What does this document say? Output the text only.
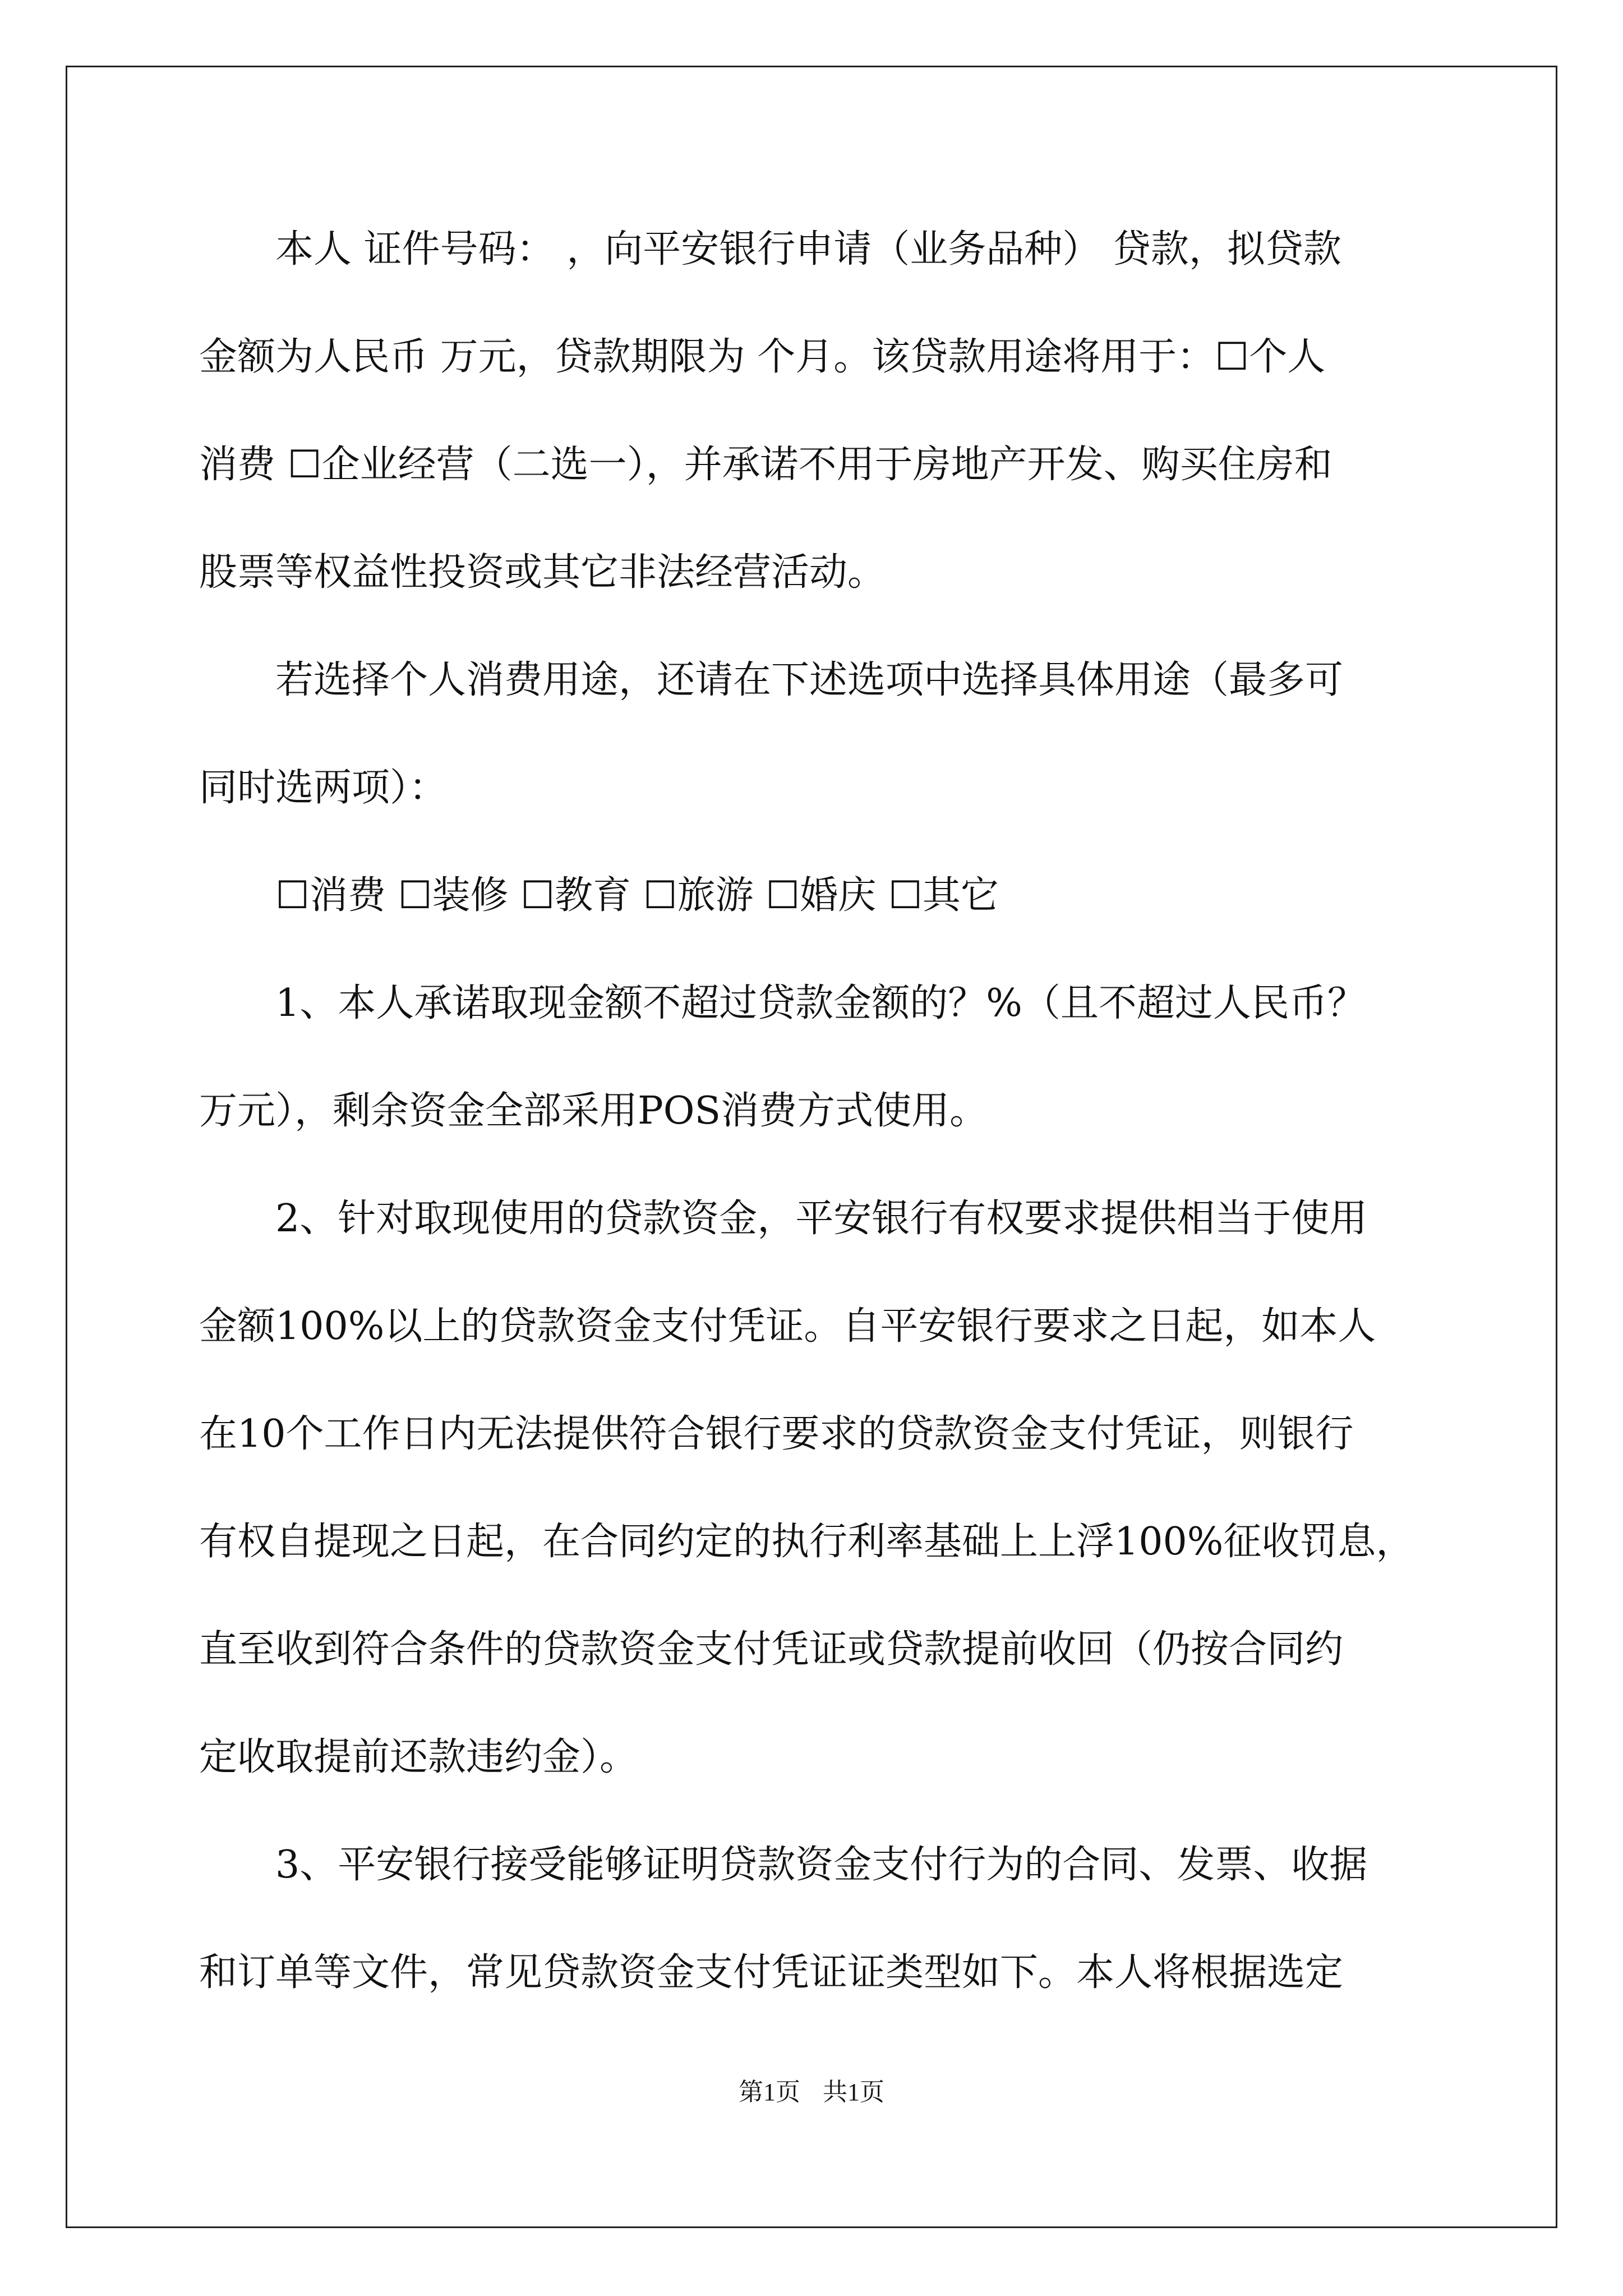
本人 证件号码： ，向平安银行申请（业务品种） 贷款，拟贷款
金额为人民币 万元，贷款期限为 个月。该贷款用途将用于：☐个人
消费 ☐企业经营（二选一），并承诺不用于房地产开发、购买住房和
股票等权益性投资或其它非法经营活动。
若选择个人消费用途，还请在下述选项中选择具体用途（最多可
同时选两项）：
☐消费 ☐装修 ☐教育 ☐旅游 ☐婚庆 ☐其它
1、本人承诺取现金额不超过贷款金额的？%（且不超过人民币？
万元），剩余资金全部采用POS消费方式使用。
2、针对取现使用的贷款资金，平安银行有权要求提供相当于使用
金额100%以上的贷款资金支付凭证。自平安银行要求之日起，如本人
在10个工作日内无法提供符合银行要求的贷款资金支付凭证，则银行
有权自提现之日起，在合同约定的执行利率基础上上浮100%征收罚息，
直至收到符合条件的贷款资金支付凭证或贷款提前收回（仍按合同约
定收取提前还款违约金）。
3、平安银行接受能够证明贷款资金支付行为的合同、发票、收据
和订单等文件，常见贷款资金支付凭证证类型如下。本人将根据选定
第1页 共1页
